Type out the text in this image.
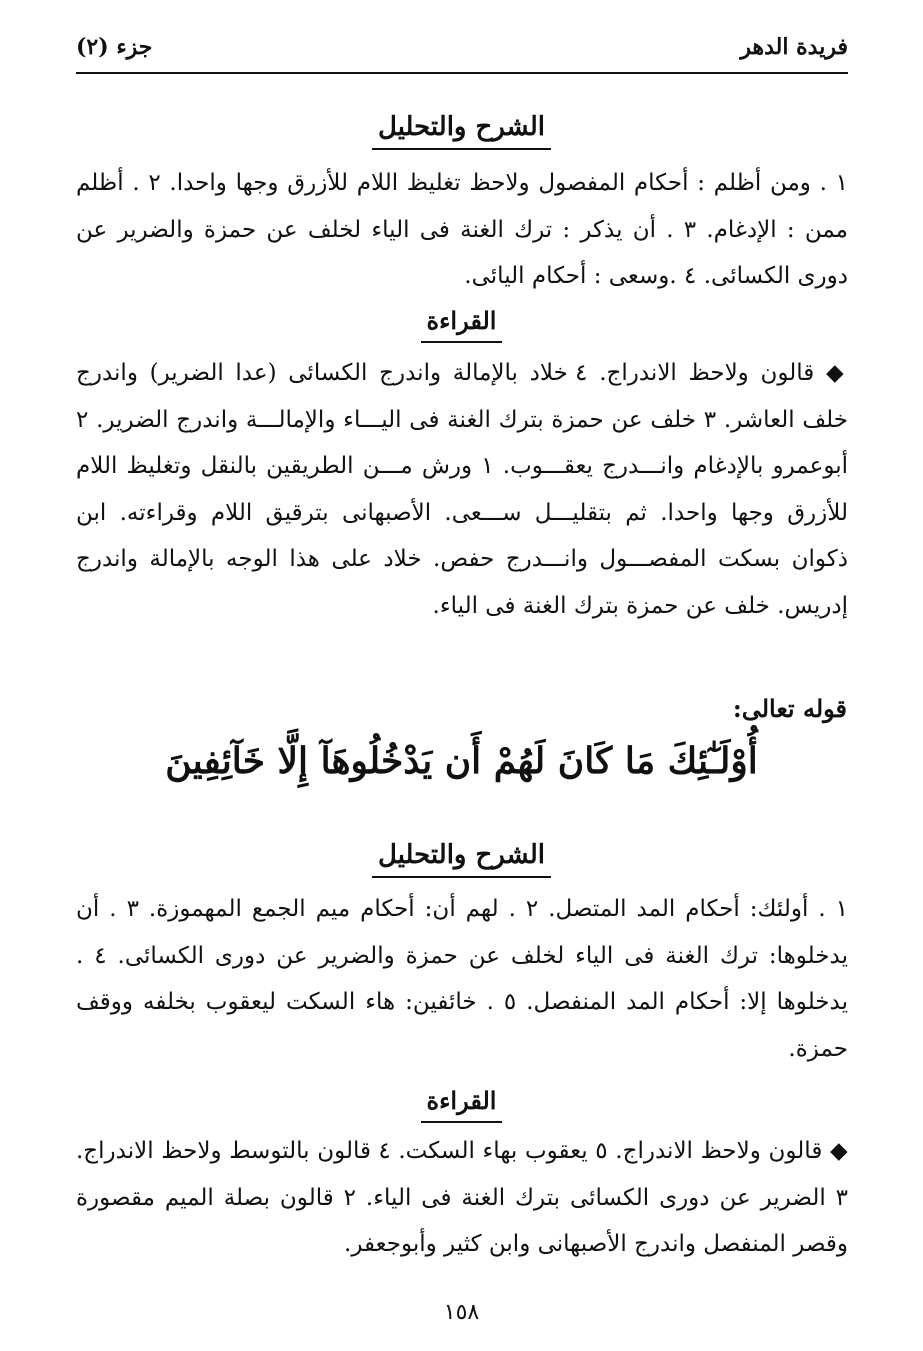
فريدة الدهر
جزء (٢)
الشرح والتحليل
١ . ومن أظلم : أحكام المفصول ولاحظ تغليظ اللام للأزرق وجها واحدا. ٢ . أظلم ممن : الإدغام. ٣ . أن يذكر : ترك الغنة فى الياء لخلف عن حمزة والضرير عن دورى الكسائى. ٤ .وسعى : أحكام اليائى.
القراءة
◆ قالون ولاحظ الاندراج. ٤ خلاد بالإمالة واندرج الكسائى (عدا الضرير) واندرج خلف العاشر. ٣ خلف عن حمزة بترك الغنة فى اليـــاء والإمالـــة واندرج الضرير. ٢ أبوعمرو بالإدغام وانـــدرج يعقـــوب. ١ ورش مـــن الطريقين بالنقل وتغليظ اللام للأزرق وجها واحدا. ثم بتقليـــل ســـعى. الأصبهانى بترقيق اللام وقراءته. ابن ذكوان بسكت المفصـــول وانـــدرج حفص. خلاد على هذا الوجه بالإمالة واندرج إدريس. خلف عن حمزة بترك الغنة فى الياء.
قوله تعالى:
أُوْلَـٰٓئِكَ مَا كَانَ لَهُمْ أَن يَدْخُلُوهَآ إِلَّا خَآئِفِينَ
الشرح والتحليل
١ . أولئك: أحكام المد المتصل. ٢ . لهم أن: أحكام ميم الجمع المهموزة. ٣ . أن يدخلوها: ترك الغنة فى الياء لخلف عن حمزة والضرير عن دورى الكسائى. ٤ . يدخلوها إلا: أحكام المد المنفصل. ٥ . خائفين: هاء السكت ليعقوب بخلفه ووقف حمزة.
القراءة
◆ قالون ولاحظ الاندراج. ٥ يعقوب بهاء السكت. ٤ قالون بالتوسط ولاحظ الاندراج. ٣ الضرير عن دورى الكسائى بترك الغنة فى الياء. ٢ قالون بصلة الميم مقصورة وقصر المنفصل واندرج الأصبهانى وابن كثير وأبوجعفر.
١٥٨
